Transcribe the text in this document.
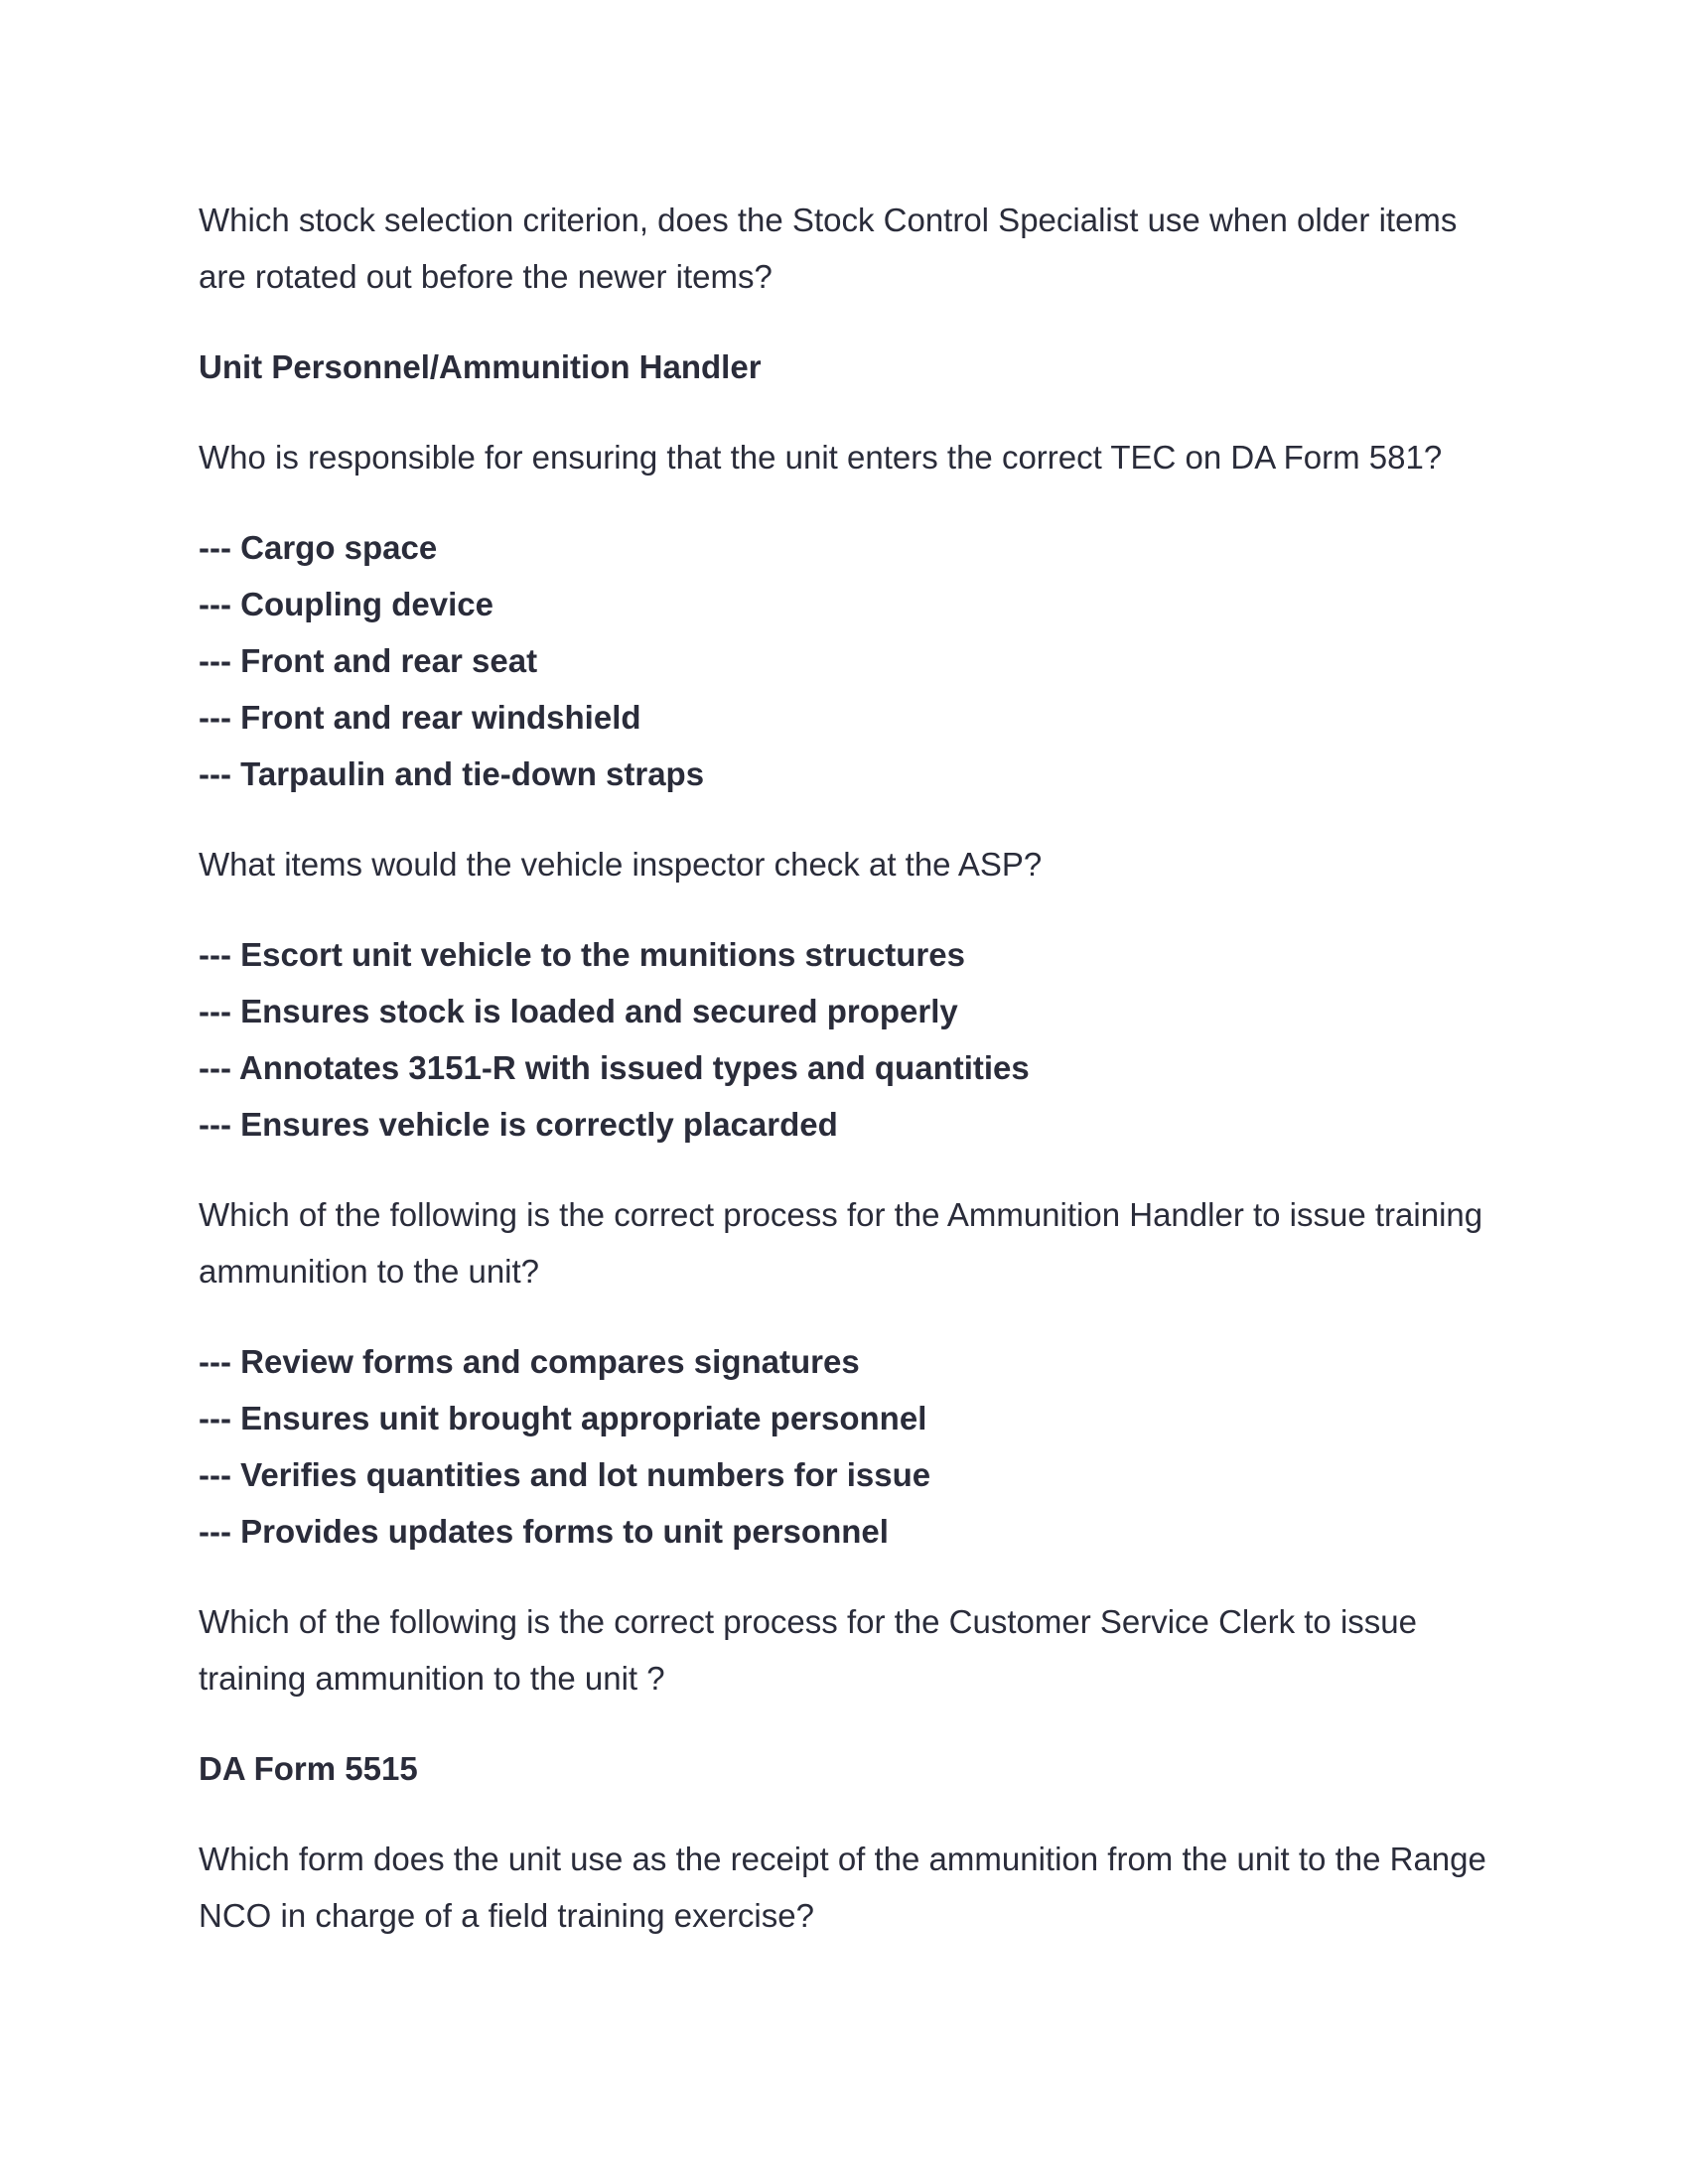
Which stock selection criterion, does the Stock Control Specialist use when older items are rotated out before the newer items?

Unit Personnel/Ammunition Handler

Who is responsible for ensuring that the unit enters the correct TEC on DA Form 581?

--- Cargo space

--- Coupling device

--- Front and rear seat

--- Front and rear windshield

--- Tarpaulin and tie-down straps

What items would the vehicle inspector check at the ASP?

--- Escort unit vehicle to the munitions structures

--- Ensures stock is loaded and secured properly

--- Annotates 3151-R with issued types and quantities

--- Ensures vehicle is correctly placarded

Which of the following is the correct process for the Ammunition Handler to issue training ammunition to the unit?

--- Review forms and compares signatures

--- Ensures unit brought appropriate personnel

--- Verifies quantities and lot numbers for issue

--- Provides updates forms to unit personnel

Which of the following is the correct process for the Customer Service Clerk to issue training ammunition to the unit ?

DA Form 5515

Which form does the unit use as the receipt of the ammunition from the unit to the Range NCO in charge of a field training exercise?
